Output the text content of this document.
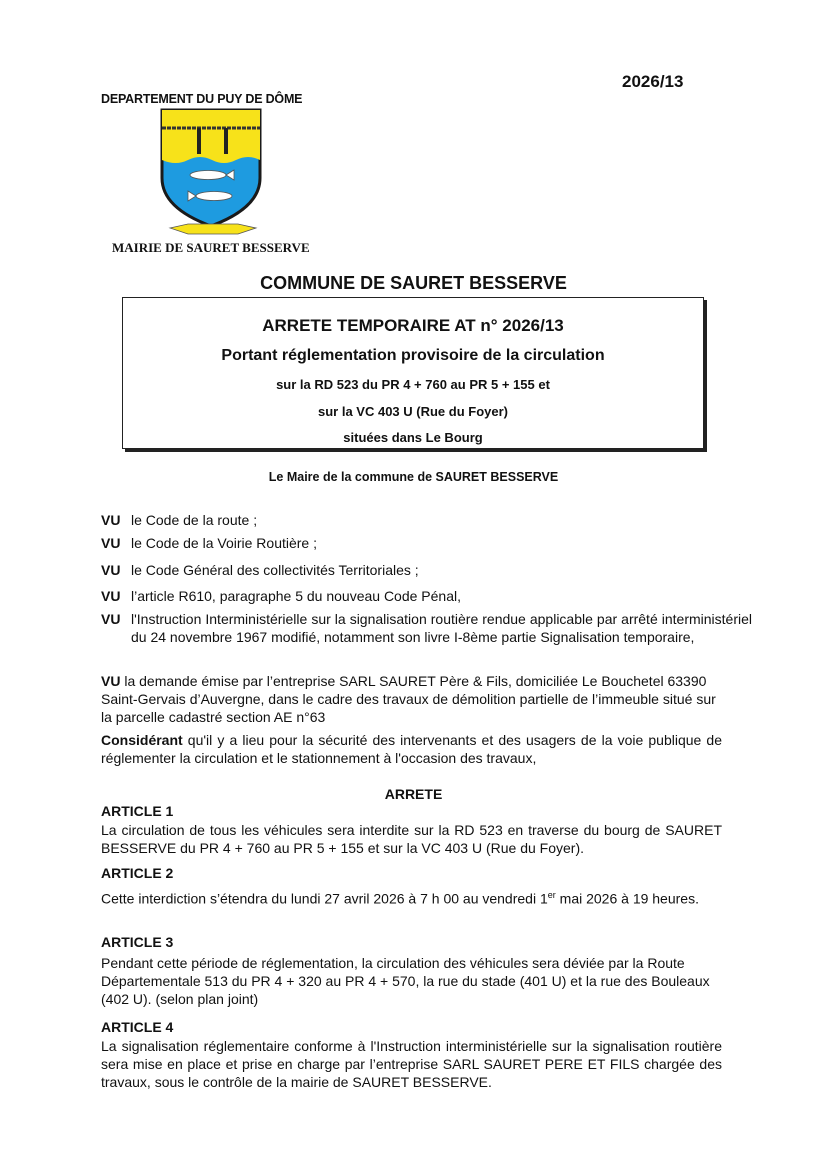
2026/13
DEPARTEMENT DU PUY DE DÔME
MAIRIE DE SAURET BESSERVE
COMMUNE DE SAURET BESSERVE
ARRETE TEMPORAIRE AT n° 2026/13
Portant réglementation provisoire de la circulation
sur la RD 523 du PR 4 + 760 au PR 5 + 155 et
sur la VC 403 U (Rue du Foyer)
situées dans Le Bourg
Le Maire de la commune de SAURET BESSERVE
VU le Code de la route ;
VU le Code de la Voirie Routière ;
VU le Code Général des collectivités Territoriales ;
VU l’article R610, paragraphe 5 du nouveau Code Pénal,
VU l'Instruction Interministérielle sur la signalisation routière rendue applicable par arrêté interministériel du 24 novembre 1967 modifié, notamment son livre I-8ème partie Signalisation temporaire,
VU la demande émise par l’entreprise SARL SAURET Père & Fils, domiciliée Le Bouchetel 63390 Saint-Gervais d’Auvergne, dans le cadre des travaux de démolition partielle de l’immeuble situé sur la parcelle cadastré section AE n°63
Considérant qu'il y a lieu pour la sécurité des intervenants et des usagers de la voie publique de réglementer la circulation et le stationnement à l'occasion des travaux,
ARRETE
ARTICLE 1
La circulation de tous les véhicules sera interdite sur la RD 523 en traverse du bourg de SAURET BESSERVE du PR 4 + 760 au PR 5 + 155 et sur la VC 403 U (Rue du Foyer).
ARTICLE 2
Cette interdiction s’étendra du lundi 27 avril 2026 à 7 h 00 au vendredi 1er mai 2026 à 19 heures.
ARTICLE 3
Pendant cette période de réglementation, la circulation des véhicules sera déviée par la Route Départementale 513 du PR 4 + 320 au PR 4 + 570, la rue du stade (401 U) et la rue des Bouleaux (402 U). (selon plan joint)
ARTICLE 4
La signalisation réglementaire conforme à l'Instruction interministérielle sur la signalisation routière sera mise en place et prise en charge par l’entreprise SARL SAURET PERE ET FILS chargée des travaux, sous le contrôle de la mairie de SAURET BESSERVE.
